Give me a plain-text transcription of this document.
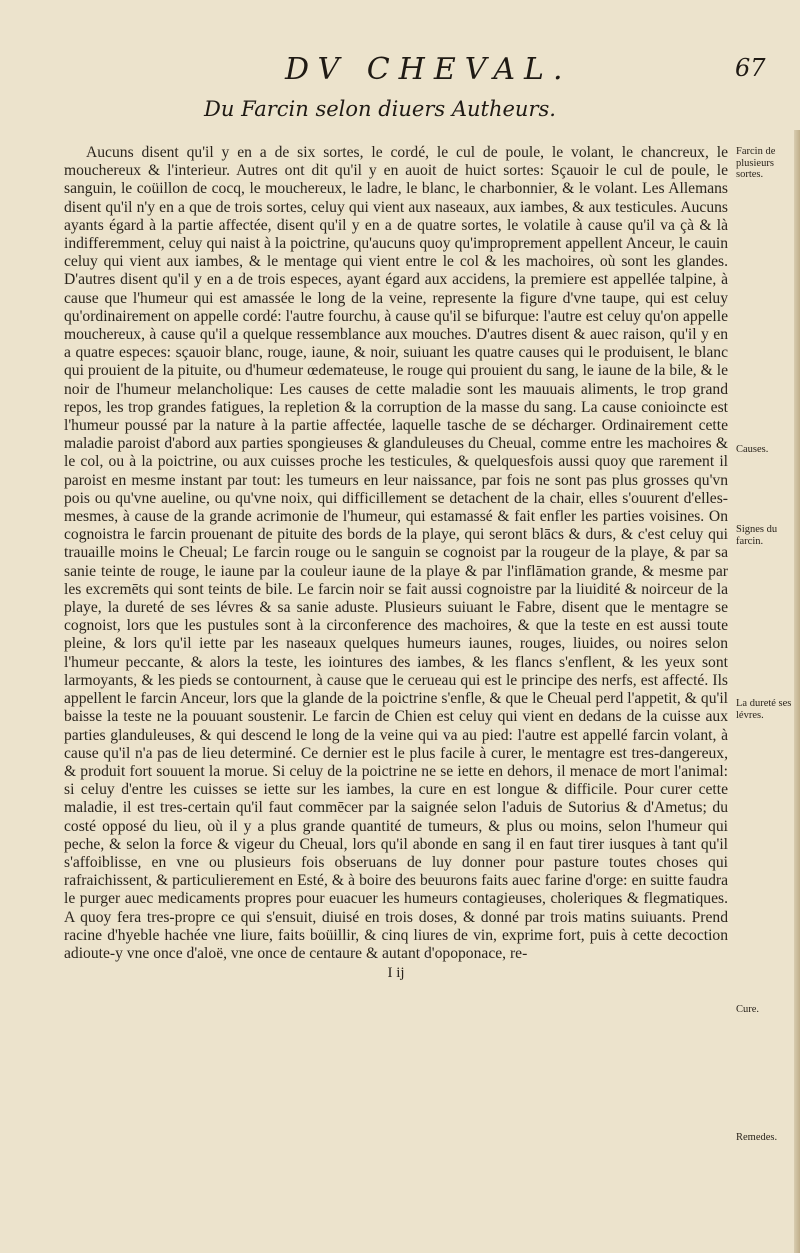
DV CHEVAL.	67
Du Farcin selon diuers Autheurs.

Aucuns disent qu'il y en a de six sortes, le cordé, le cul de poule, le volant, le chancreux, le mouchereux & l'interieur. Autres ont dit qu'il y en auoit de huict sortes: Sçauoir le cul de poule, le sanguin, le coüillon de cocq, le mouchereux, le ladre, le blanc, le charbonnier, & le volant. Les Allemans disent qu'il n'y en a que de trois sortes, celuy qui vient aux naseaux, aux iambes, & aux testicules. Aucuns ayants égard à la partie affectée, disent qu'il y en a de quatre sortes, le volatile à cause qu'il va çà & là indifferemment, celuy qui naist à la poictrine, qu'aucuns quoy qu'improprement appellent Anceur, le cauin celuy qui vient aux iambes, & le mentage qui vient entre le col & les machoires, où sont les glandes. D'autres disent qu'il y en a de trois especes, ayant égard aux accidens, la premiere est appellée talpine, à cause que l'humeur qui est amassée le long de la veine, represente la figure d'vne taupe, qui est celuy qu'ordinairement on appelle cordé: l'autre fourchu, à cause qu'il se bifurque: l'autre est celuy qu'on appelle mouchereux, à cause qu'il a quelque ressemblance aux mouches. D'autres disent & auec raison, qu'il y en a quatre especes: sçauoir blanc, rouge, iaune, & noir, suiuant les quatre causes qui le produisent, le blanc qui prouient de la pituite, ou d'humeur œdemateuse, le rouge qui prouient du sang, le iaune de la bile, & le noir de l'humeur melancholique: Les causes de cette maladie sont les mauuais aliments, le trop grand repos, les trop grandes fatigues, la repletion & la corruption de la masse du sang. La cause conioincte est l'humeur poussé par la nature à la partie affectée, laquelle tasche de se décharger. Ordinairement cette maladie paroist d'abord aux parties spongieuses & glanduleuses du Cheual, comme entre les machoires & le col, ou à la poictrine, ou aux cuisses proche les testicules, & quelquesfois aussi quoy que rarement il paroist en mesme instant par tout: les tumeurs en leur naissance, par fois ne sont pas plus grosses qu'vn pois ou qu'vne aueline, ou qu'vne noix, qui difficillement se detachent de la chair, elles s'ouurent d'elles-mesmes, à cause de la grande acrimonie de l'humeur, qui estamassé & fait enfler les parties voisines. On cognoistra le farcin prouenant de pituite des bords de la playe, qui seront blācs & durs, & c'est celuy qui trauaille moins le Cheual; Le farcin rouge ou le sanguin se cognoist par la rougeur de la playe, & par sa sanie teinte de rouge, le iaune par la couleur iaune de la playe & par l'inflāmation grande, & mesme par les excremēts qui sont teints de bile. Le farcin noir se fait aussi cognoistre par la liuidité & noirceur de la playe, la dureté de ses lévres & sa sanie aduste. Plusieurs suiuant le Fabre, disent que le mentagre se cognoist, lors que les pustules sont à la circonference des machoires, & que la teste en est aussi toute pleine, & lors qu'il iette par les naseaux quelques humeurs iaunes, rouges, liuides, ou noires selon l'humeur peccante, & alors la teste, les iointures des iambes, & les flancs s'enflent, & les yeux sont larmoyants, & les pieds se contournent, à cause que le cerueau qui est le principe des nerfs, est affecté. Ils appellent le farcin Anceur, lors que la glande de la poictrine s'enfle, & que le Cheual perd l'appetit, & qu'il baisse la teste ne la pouuant soustenir. Le farcin de Chien est celuy qui vient en dedans de la cuisse aux parties glanduleuses, & qui descend le long de la veine qui va au pied: l'autre est appellé farcin volant, à cause qu'il n'a pas de lieu determiné. Ce dernier est le plus facile à curer, le mentagre est tres-dangereux, & produit fort souuent la morue. Si celuy de la poictrine ne se iette en dehors, il menace de mort l'animal: si celuy d'entre les cuisses se iette sur les iambes, la cure en est longue & difficile. Pour curer cette maladie, il est tres-certain qu'il faut commēcer par la saignée selon l'aduis de Sutorius & d'Ametus; du costé opposé du lieu, où il y a plus grande quantité de tumeurs, & plus ou moins, selon l'humeur qui peche, & selon la force & vigeur du Cheual, lors qu'il abonde en sang il en faut tirer iusques à tant qu'il s'affoiblisse, en vne ou plusieurs fois obseruans de luy donner pour pasture toutes choses qui rafraichissent, & particulierement en Esté, & à boire des beuurons faits auec farine d'orge: en suitte faudra le purger auec medicaments propres pour euacuer les humeurs contagieuses, choleriques & flegmatiques. A quoy fera tres-propre ce qui s'ensuit, diuisé en trois doses, & donné par trois matins suiuants. Prend racine d'hyeble hachée vne liure, faits boüillir, & cinq liures de vin, exprime fort, puis à cette decoction adioute-y vne once d'aloë, vne once de centaure & autant d'opoponace, re-

I ij
Farcin de plusieurs sortes.
Causes.
Signes du farcin.
La dureté ses lévres.
Cure.
Remedes.
